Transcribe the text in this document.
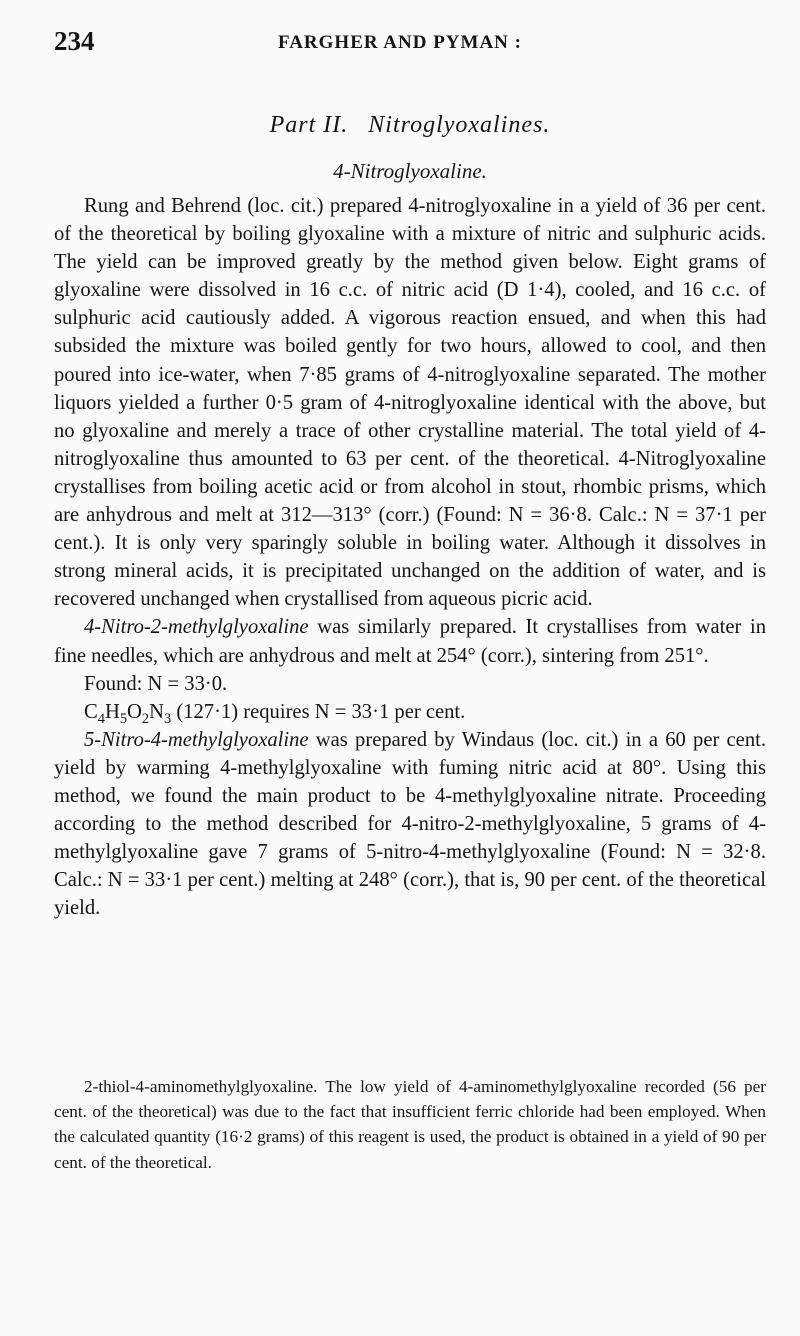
234	FARGHER AND PYMAN :
Part II. Nitroglyoxalines.
4-Nitroglyoxaline.

Rung and Behrend (loc. cit.) prepared 4-nitroglyoxaline in a yield of 36 per cent. of the theoretical by boiling glyoxaline with a mixture of nitric and sulphuric acids. The yield can be improved greatly by the method given below. Eight grams of glyoxaline were dissolved in 16 c.c. of nitric acid (D 1·4), cooled, and 16 c.c. of sulphuric acid cautiously added. A vigorous reaction ensued, and when this had subsided the mixture was boiled gently for two hours, allowed to cool, and then poured into ice-water, when 7·85 grams of 4-nitroglyoxaline separated. The mother liquors yielded a further 0·5 gram of 4-nitroglyoxaline identical with the above, but no glyoxaline and merely a trace of other crystalline material. The total yield of 4-nitroglyoxaline thus amounted to 63 per cent. of the theoretical. 4-Nitroglyoxaline crystallises from boiling acetic acid or from alcohol in stout, rhombic prisms, which are anhydrous and melt at 312—313° (corr.) (Found: N = 36·8. Calc.: N = 37·1 per cent.). It is only very sparingly soluble in boiling water. Although it dissolves in strong mineral acids, it is precipitated unchanged on the addition of water, and is recovered unchanged when crystallised from aqueous picric acid.

4-Nitro-2-methylglyoxaline was similarly prepared. It crystallises from water in fine needles, which are anhydrous and melt at 254° (corr.), sintering from 251°.

Found: N = 33·0.

$C_4H_5O_2N_3$ (127·1) requires N = 33·1 per cent.

5-Nitro-4-methylglyoxaline was prepared by Windaus (loc. cit.) in a 60 per cent. yield by warming 4-methylglyoxaline with fuming nitric acid at 80°. Using this method, we found the main product to be 4-methylglyoxaline nitrate. Proceeding according to the method described for 4-nitro-2-methylglyoxaline, 5 grams of 4-methylglyoxaline gave 7 grams of 5-nitro-4-methylglyoxaline (Found: N = 32·8. Calc.: N = 33·1 per cent.) melting at 248° (corr.), that is, 90 per cent. of the theoretical yield.

2-thiol-4-aminomethylglyoxaline. The low yield of 4-aminomethylglyoxaline recorded (56 per cent. of the theoretical) was due to the fact that insufficient ferric chloride had been employed. When the calculated quantity (16·2 grams) of this reagent is used, the product is obtained in a yield of 90 per cent. of the theoretical.
